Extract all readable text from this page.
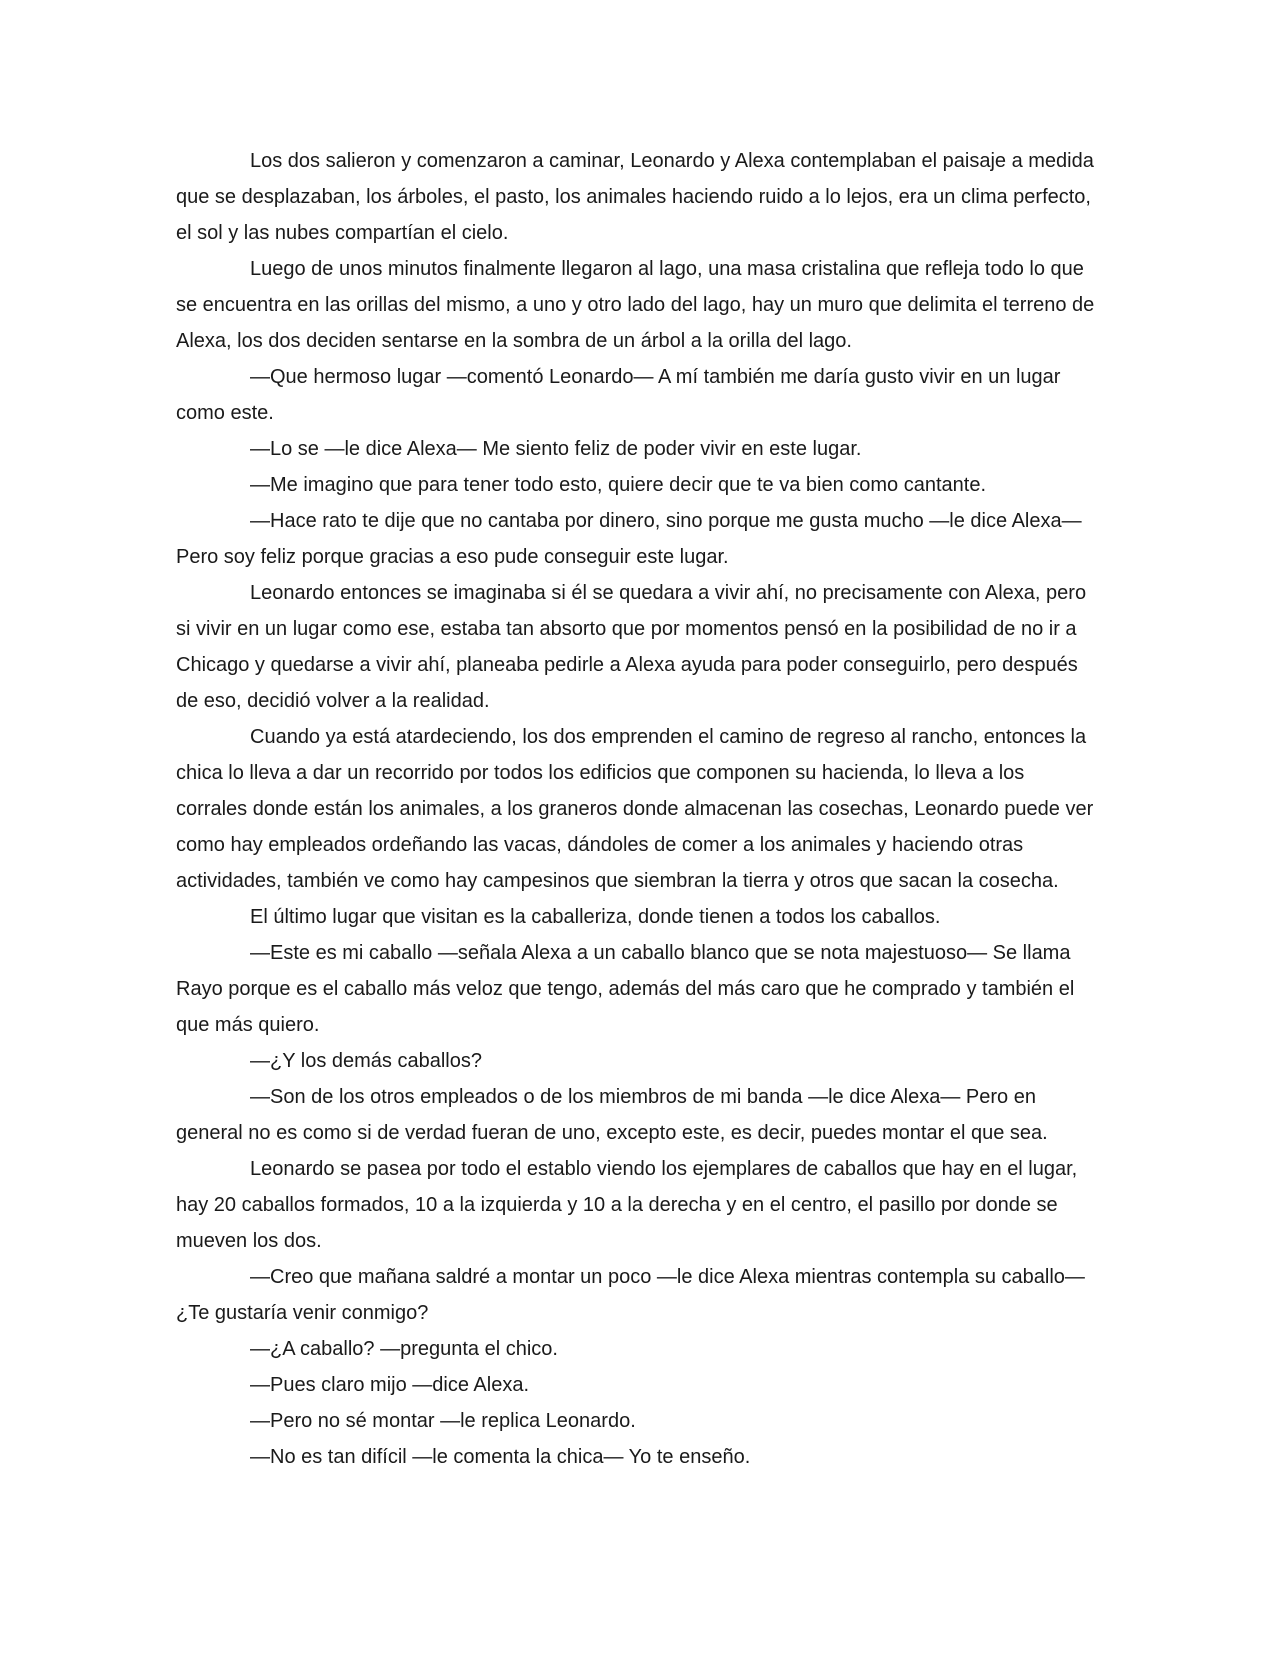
Los dos salieron y comenzaron a caminar, Leonardo y Alexa contemplaban el paisaje a medida que se desplazaban, los árboles, el pasto, los animales haciendo ruido a lo lejos, era un clima perfecto, el sol y las nubes compartían el cielo.

Luego de unos minutos finalmente llegaron al lago, una masa cristalina que refleja todo lo que se encuentra en las orillas del mismo, a uno y otro lado del lago, hay un muro que delimita el terreno de Alexa, los dos deciden sentarse en la sombra de un árbol a la orilla del lago.

—Que hermoso lugar —comentó Leonardo— A mí también me daría gusto vivir en un lugar como este.

—Lo se —le dice Alexa— Me siento feliz de poder vivir en este lugar.

—Me imagino que para tener todo esto, quiere decir que te va bien como cantante.

—Hace rato te dije que no cantaba por dinero, sino porque me gusta mucho —le dice Alexa— Pero soy feliz porque gracias a eso pude conseguir este lugar.

Leonardo entonces se imaginaba si él se quedara a vivir ahí, no precisamente con Alexa, pero si vivir en un lugar como ese, estaba tan absorto que por momentos pensó en la posibilidad de no ir a Chicago y quedarse a vivir ahí, planeaba pedirle a Alexa ayuda para poder conseguirlo, pero después de eso, decidió volver a la realidad.

Cuando ya está atardeciendo, los dos emprenden el camino de regreso al rancho, entonces la chica lo lleva a dar un recorrido por todos los edificios que componen su hacienda, lo lleva a los corrales donde están los animales, a los graneros donde almacenan las cosechas, Leonardo puede ver como hay empleados ordeñando las vacas, dándoles de comer a los animales y haciendo otras actividades, también ve como hay campesinos que siembran la tierra y otros que sacan la cosecha.

El último lugar que visitan es la caballeriza, donde tienen a todos los caballos.

—Este es mi caballo —señala Alexa a un caballo blanco que se nota majestuoso— Se llama Rayo porque es el caballo más veloz que tengo, además del más caro que he comprado y también el que más quiero.

—¿Y los demás caballos?

—Son de los otros empleados o de los miembros de mi banda —le dice Alexa— Pero en general no es como si de verdad fueran de uno, excepto este, es decir, puedes montar el que sea.

Leonardo se pasea por todo el establo viendo los ejemplares de caballos que hay en el lugar, hay 20 caballos formados, 10 a la izquierda y 10 a la derecha y en el centro, el pasillo por donde se mueven los dos.

—Creo que mañana saldré a montar un poco —le dice Alexa mientras contempla su caballo— ¿Te gustaría venir conmigo?

—¿A caballo? —pregunta el chico.

—Pues claro mijo —dice Alexa.

—Pero no sé montar —le replica Leonardo.

—No es tan difícil —le comenta la chica— Yo te enseño.
